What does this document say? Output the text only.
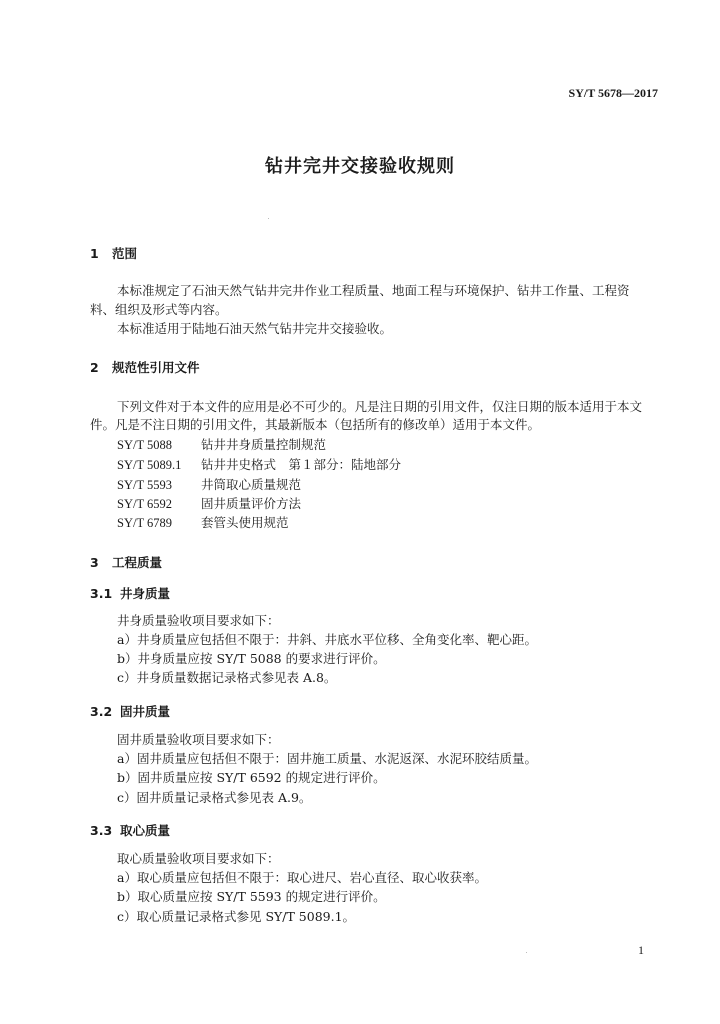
SY/T 5678—2017
钻井完井交接验收规则
1 范围
本标准规定了石油天然气钻井完井作业工程质量、地面工程与环境保护、钻井工作量、工程资
料、组织及形式等内容。
本标准适用于陆地石油天然气钻井完井交接验收。
2 规范性引用文件
下列文件对于本文件的应用是必不可少的。凡是注日期的引用文件，仅注日期的版本适用于本文
件。凡是不注日期的引用文件，其最新版本（包括所有的修改单）适用于本文件。
SY/T 5088 钻井井身质量控制规范
SY/T 5089.1 钻井井史格式　第１部分：陆地部分
SY/T 5593 井筒取心质量规范
SY/T 6592 固井质量评价方法
SY/T 6789 套管头使用规范
3 工程质量
3.1 井身质量
井身质量验收项目要求如下：
a）井身质量应包括但不限于：井斜、井底水平位移、全角变化率、靶心距。
b）井身质量应按 SY/T 5088 的要求进行评价。
c）井身质量数据记录格式参见表 A.8。
3.2 固井质量
固井质量验收项目要求如下：
a）固井质量应包括但不限于：固井施工质量、水泥返深、水泥环胶结质量。
b）固井质量应按 SY/T 6592 的规定进行评价。
c）固井质量记录格式参见表 A.9。
3.3 取心质量
取心质量验收项目要求如下：
a）取心质量应包括但不限于：取心进尺、岩心直径、取心收获率。
b）取心质量应按 SY/T 5593 的规定进行评价。
c）取心质量记录格式参见 SY/T 5089.1。
1
